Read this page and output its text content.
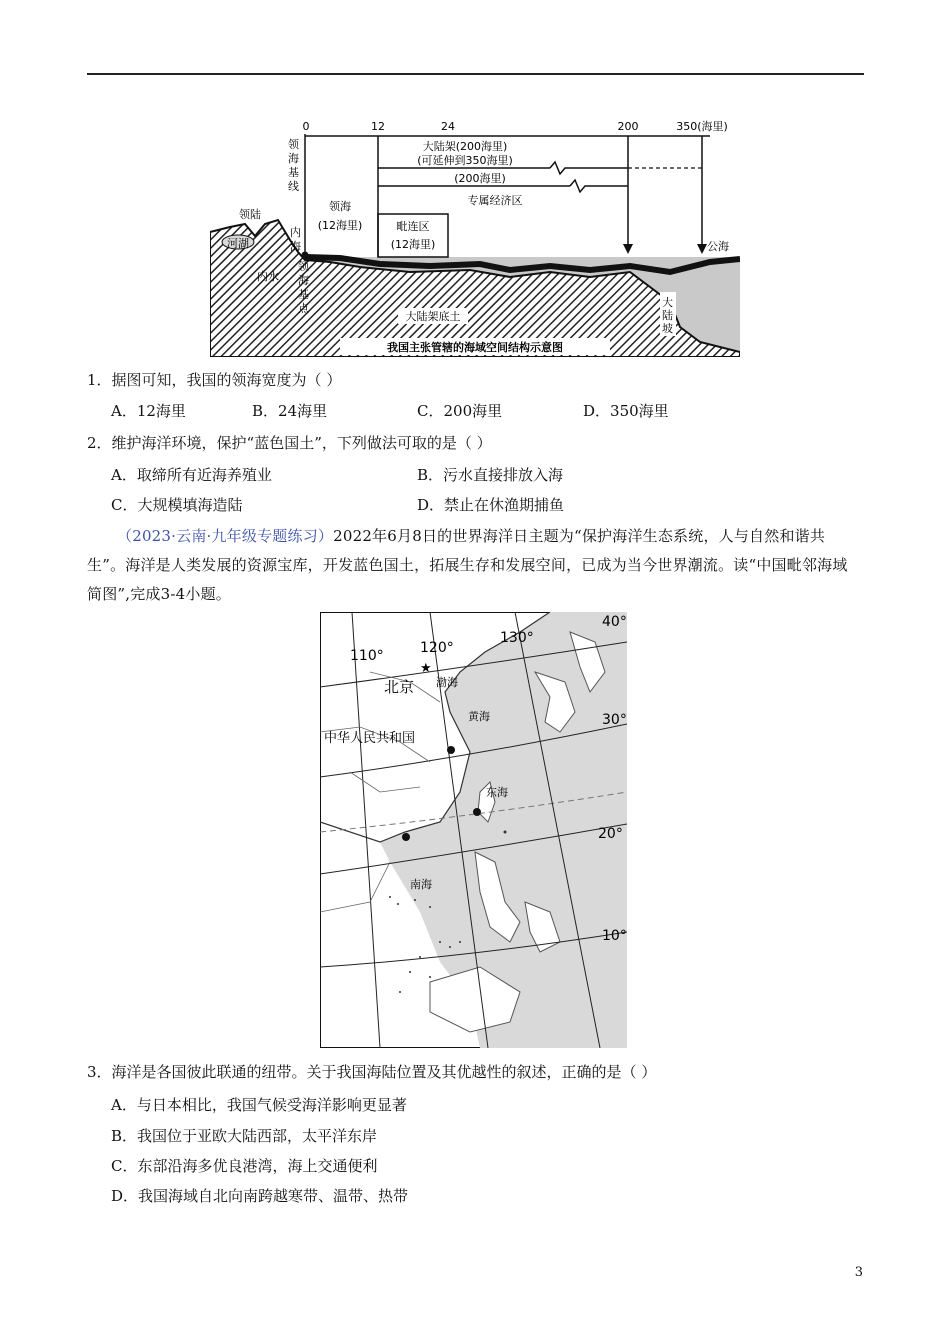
我国主张管辖的海域空间结构示意图
0	12	24	200	350(海里)
领 海 基 线
大陆架(200海里)
(可延伸到350海里)
(200海里)
专属经济区
领海
(12海里)	毗连区
(12海里)
领陆
河湖
内水
内 海
领 海 基 点
公海
大陆架底土
大 陆 坡
1．据图可知，我国的领海宽度为（ ）
A．12海里	B．24海里	C．200海里	D．350海里
2．维护海洋环境，保护“蓝色国土”，下列做法可取的是（ ）
A．取缔所有近海养殖业	B．污水直接排放入海
C．大规模填海造陆	D．禁止在休渔期捕鱼
（2023·云南·九年级专题练习）2022年6月8日的世界海洋日主题为“保护海洋生态系统，人与自然和谐共生”。海洋是人类发展的资源宝库，开发蓝色国土，拓展生存和发展空间，已成为当今世界潮流。读“中国毗邻海域简图”,完成3-4小题。
110°	120°
130°
40°
30°
20°
10°
★
北京
中华人民共和国
渤海
黄海
东海
南海
3．海洋是各国彼此联通的纽带。关于我国海陆位置及其优越性的叙述，正确的是（ ）
A．与日本相比，我国气候受海洋影响更显著
B．我国位于亚欧大陆西部，太平洋东岸
C．东部沿海多优良港湾，海上交通便利
D．我国海域自北向南跨越寒带、温带、热带
3
